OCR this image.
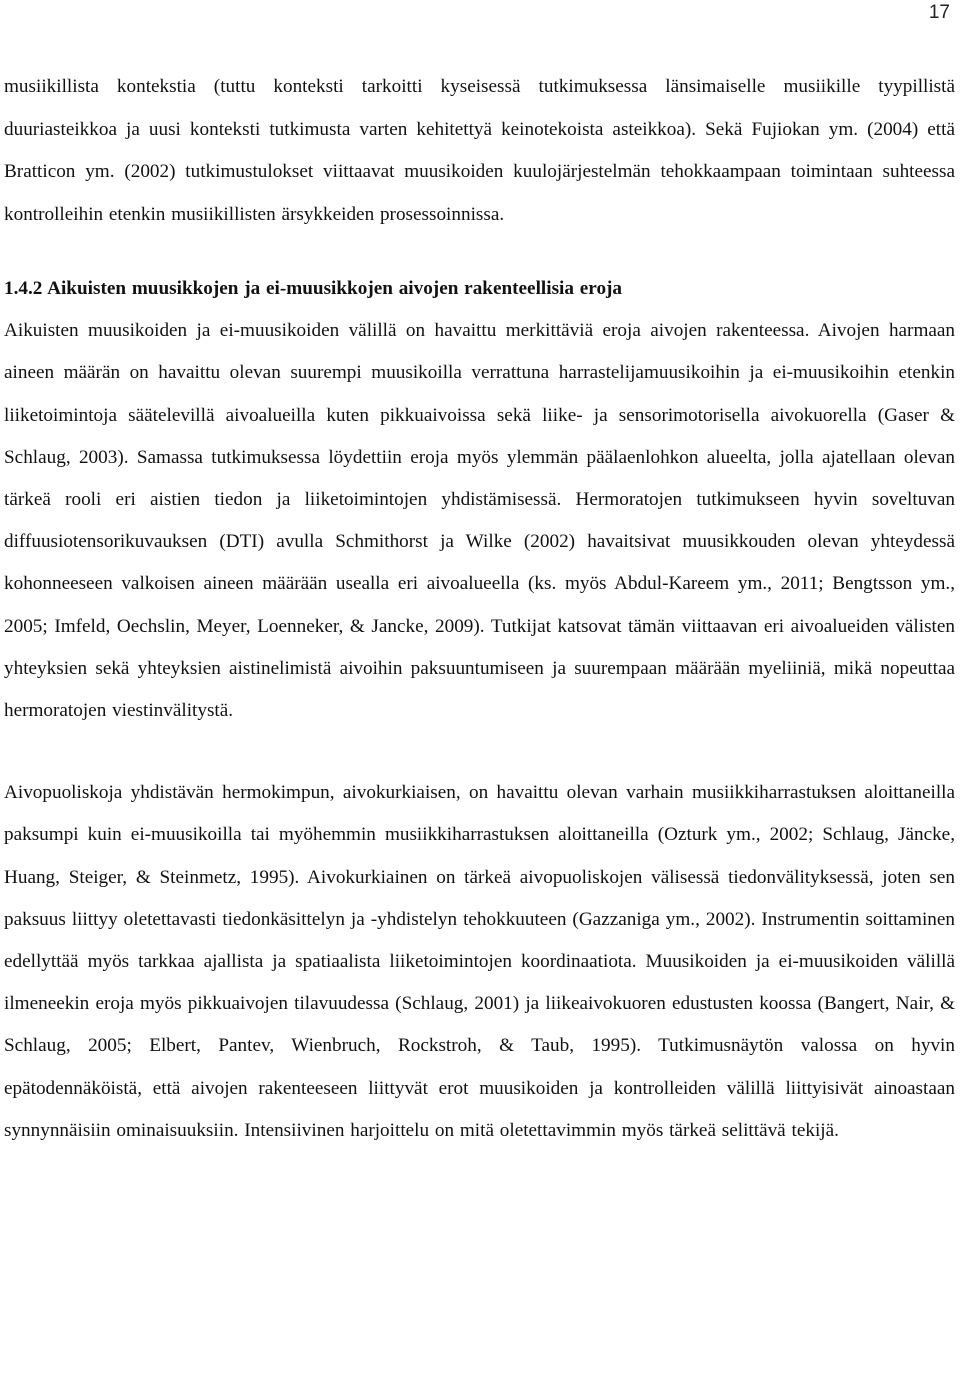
17

musiikillista kontekstia (tuttu konteksti tarkoitti kyseisessä tutkimuksessa länsimaiselle musiikille tyypillistä duuriasteikkoa ja uusi konteksti tutkimusta varten kehitettyä keinotekoista asteikkoa). Sekä Fujiokan ym. (2004) että Bratticon ym. (2002) tutkimustulokset viittaavat muusikoiden kuulojärjestelmän tehokkaampaan toimintaan suhteessa kontrolleihin etenkin musiikillisten ärsykkeiden prosessoinnissa.

1.4.2 Aikuisten muusikkojen ja ei-muusikkojen aivojen rakenteellisia eroja

Aikuisten muusikoiden ja ei-muusikoiden välillä on havaittu merkittäviä eroja aivojen rakenteessa. Aivojen harmaan aineen määrän on havaittu olevan suurempi muusikoilla verrattuna harrastelijamuusikoihin ja ei-muusikoihin etenkin liiketoimintoja säätelevillä aivoalueilla kuten pikkuaivoissa sekä liike- ja sensorimotorisella aivokuorella (Gaser & Schlaug, 2003). Samassa tutkimuksessa löydettiin eroja myös ylemmän päälaenlohkon alueelta, jolla ajatellaan olevan tärkeä rooli eri aistien tiedon ja liiketoimintojen yhdistämisessä. Hermoratojen tutkimukseen hyvin soveltuvan diffuusiotensorikuvauksen (DTI) avulla Schmithorst ja Wilke (2002) havaitsivat muusikkouden olevan yhteydessä kohonneeseen valkoisen aineen määrään usealla eri aivoalueella (ks. myös Abdul-Kareem ym., 2011; Bengtsson ym., 2005; Imfeld, Oechslin, Meyer, Loenneker, & Jancke, 2009). Tutkijat katsovat tämän viittaavan eri aivoalueiden välisten yhteyksien sekä yhteyksien aistinelimistä aivoihin paksuuntumiseen ja suurempaan määrään myeliiniä, mikä nopeuttaa hermoratojen viestinvälitystä.

Aivopuoliskoja yhdistävän hermokimpun, aivokurkiaisen, on havaittu olevan varhain musiikkiharrastuksen aloittaneilla paksumpi kuin ei-muusikoilla tai myöhemmin musiikkiharrastuksen aloittaneilla (Ozturk ym., 2002; Schlaug, Jäncke, Huang, Steiger, & Steinmetz, 1995). Aivokurkiainen on tärkeä aivopuoliskojen välisessä tiedonvälityksessä, joten sen paksuus liittyy oletettavasti tiedonkäsittelyn ja -yhdistelyn tehokkuuteen (Gazzaniga ym., 2002). Instrumentin soittaminen edellyttää myös tarkkaa ajallista ja spatiaalista liiketoimintojen koordinaatiota. Muusikoiden ja ei-muusikoiden välillä ilmeneekin eroja myös pikkuaivojen tilavuudessa (Schlaug, 2001) ja liikeaivokuoren edustusten koossa (Bangert, Nair, & Schlaug, 2005; Elbert, Pantev, Wienbruch, Rockstroh, & Taub, 1995). Tutkimusnäytön valossa on hyvin epätodennäköistä, että aivojen rakenteeseen liittyvät erot muusikoiden ja kontrolleiden välillä liittyisivät ainoastaan synnynnäisiin ominaisuuksiin. Intensiivinen harjoittelu on mitä oletettavimmin myös tärkeä selittävä tekijä.
